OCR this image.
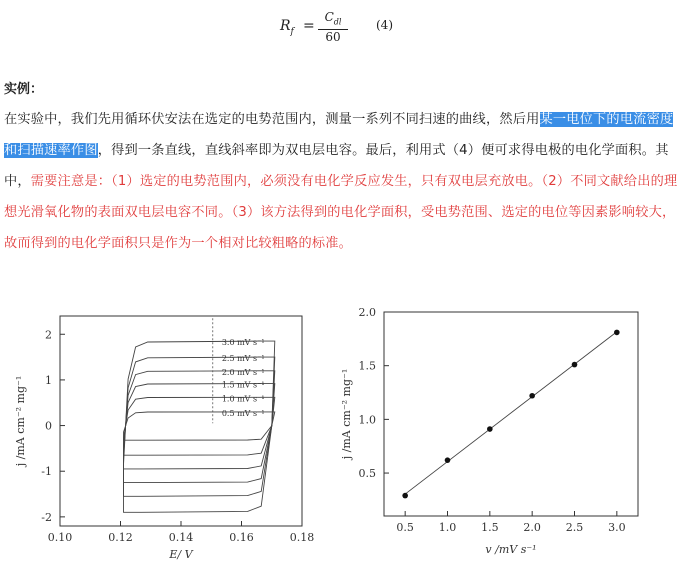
$R_f$ =
$C_{dl}$
60
(4)
实例：
在实验中，我们先用循环伏安法在选定的电势范围内，测量一系列不同扫速的曲线，然后用某一电位下的电流密度和扫描速率作图，得到一条直线，直线斜率即为双电层电容。最后，利用式（4）便可求得电极的电化学面积。其中，需要注意是：（1）选定的电势范围内，必须没有电化学反应发生，只有双电层充放电。（2）不同文献给出的理想光滑氧化物的表面双电层电容不同。（3）该方法得到的电化学面积，受电势范围、选定的电位等因素影响较大，故而得到的电化学面积只是作为一个相对比较粗略的标准。
0.10	0.12	0.14	0.16	0.18
-2
-1
0
1
2
E/ V
j /mA cm⁻² mg⁻¹
3.0 mV s⁻¹
2.5 mV s⁻¹
2.0 mV s⁻¹
1.5 mV s⁻¹
1.0 mV s⁻¹
0.5 mV s⁻¹
0.5 1.0 1.5 2.0 2.5 3.0
0.5
1.0
1.5
2.0
v /mV s⁻¹
j /mA cm⁻² mg⁻¹
